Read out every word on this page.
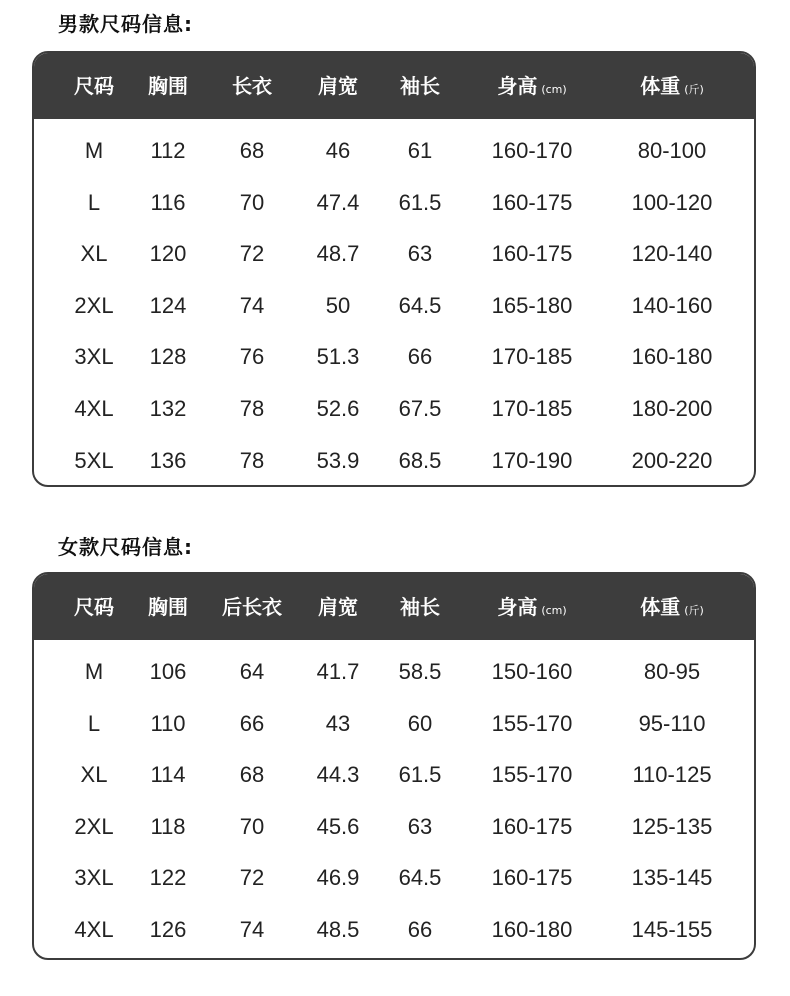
男款尺码信息:
尺码 胸围 长衣 肩宽 袖长	身高 (cm)	体重 (斤)
M 112 68	46	61	160-170	80-100
L 116 70 47.4 61.5 160-175	100-120
XL 120 72 48.7 63	160-175	120-140
2XL 124 74	50 64.5 165-180	140-160
3XL 128 76 51.3 66	170-185	160-180
4XL 132 78 52.6 67.5 170-185	180-200
5XL 136 78 53.9 68.5 170-190	200-220
女款尺码信息:
尺码 胸围 后长衣 肩宽 袖长	身高 (cm)	体重 (斤)
M 106 64 41.7 58.5 150-160	80-95
L 110 66	43	60	155-170	95-110
XL 114 68 44.3 61.5 155-170	110-125
2XL 118 70 45.6 63	160-175	125-135
3XL 122 72 46.9 64.5 160-175	135-145
4XL 126 74 48.5 66	160-180	145-155
